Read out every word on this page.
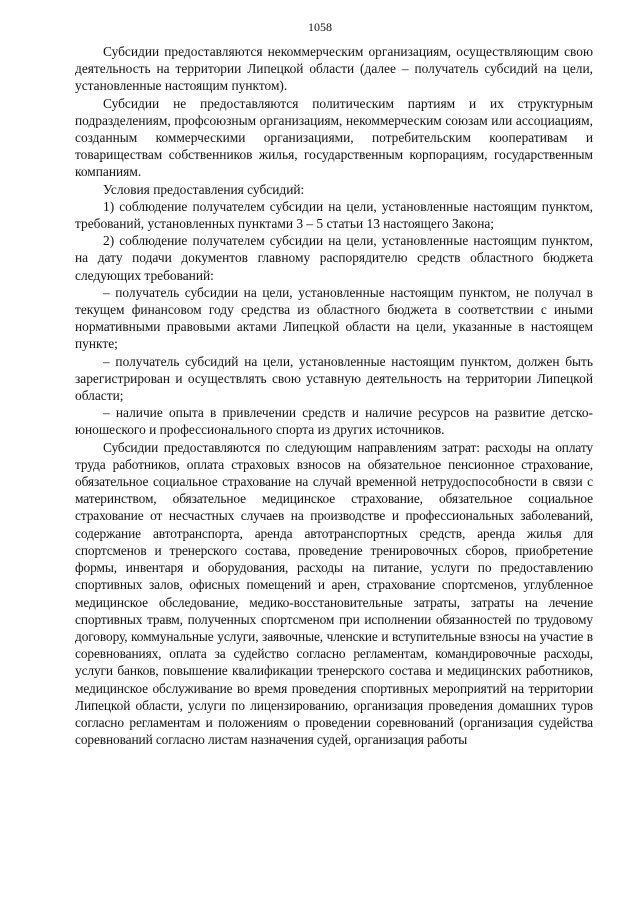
1058

Субсидии предоставляются некоммерческим организациям, осуществляющим свою деятельность на территории Липецкой области (далее – получатель субсидий на цели, установленные настоящим пунктом).

Субсидии не предоставляются политическим партиям и их структурным подразделениям, профсоюзным организациям, некоммерческим союзам или ассоциациям, созданным коммерческими организациями, потребительским кооперативам и товариществам собственников жилья, государственным корпорациям, государственным компаниям.

Условия предоставления субсидий:

1) соблюдение получателем субсидии на цели, установленные настоящим пунктом, требований, установленных пунктами 3 – 5 статьи 13 настоящего Закона;

2) соблюдение получателем субсидии на цели, установленные настоящим пунктом, на дату подачи документов главному распорядителю средств областного бюджета следующих требований:

– получатель субсидии на цели, установленные настоящим пунктом, не получал в текущем финансовом году средства из областного бюджета в соответствии с иными нормативными правовыми актами Липецкой области на цели, указанные в настоящем пункте;

– получатель субсидий на цели, установленные настоящим пунктом, должен быть зарегистрирован и осуществлять свою уставную деятельность на территории Липецкой области;

– наличие опыта в привлечении средств и наличие ресурсов на развитие детско-юношеского и профессионального спорта из других источников.

Субсидии предоставляются по следующим направлениям затрат: расходы на оплату труда работников, оплата страховых взносов на обязательное пенсионное страхование, обязательное социальное страхование на случай временной нетрудоспособности в связи с материнством, обязательное медицинское страхование, обязательное социальное страхование от несчастных случаев на производстве и профессиональных заболеваний, содержание автотранспорта, аренда автотранспортных средств, аренда жилья для спортсменов и тренерского состава, проведение тренировочных сборов, приобретение формы, инвентаря и оборудования, расходы на питание, услуги по предоставлению спортивных залов, офисных помещений и арен, страхование спортсменов, углубленное медицинское обследование, медико-восстановительные затраты, затраты на лечение спортивных травм, полученных спортсменом при исполнении обязанностей по трудовому договору, коммунальные услуги, заявочные, членские и вступительные взносы на участие в соревнованиях, оплата за судейство согласно регламентам, командировочные расходы, услуги банков, повышение квалификации тренерского состава и медицинских работников, медицинское обслуживание во время проведения спортивных мероприятий на территории Липецкой области, услуги по лицензированию, организация проведения домашних туров согласно регламентам и положениям о проведении соревнований (организация судейства соревнований согласно листам назначения судей, организация работы
